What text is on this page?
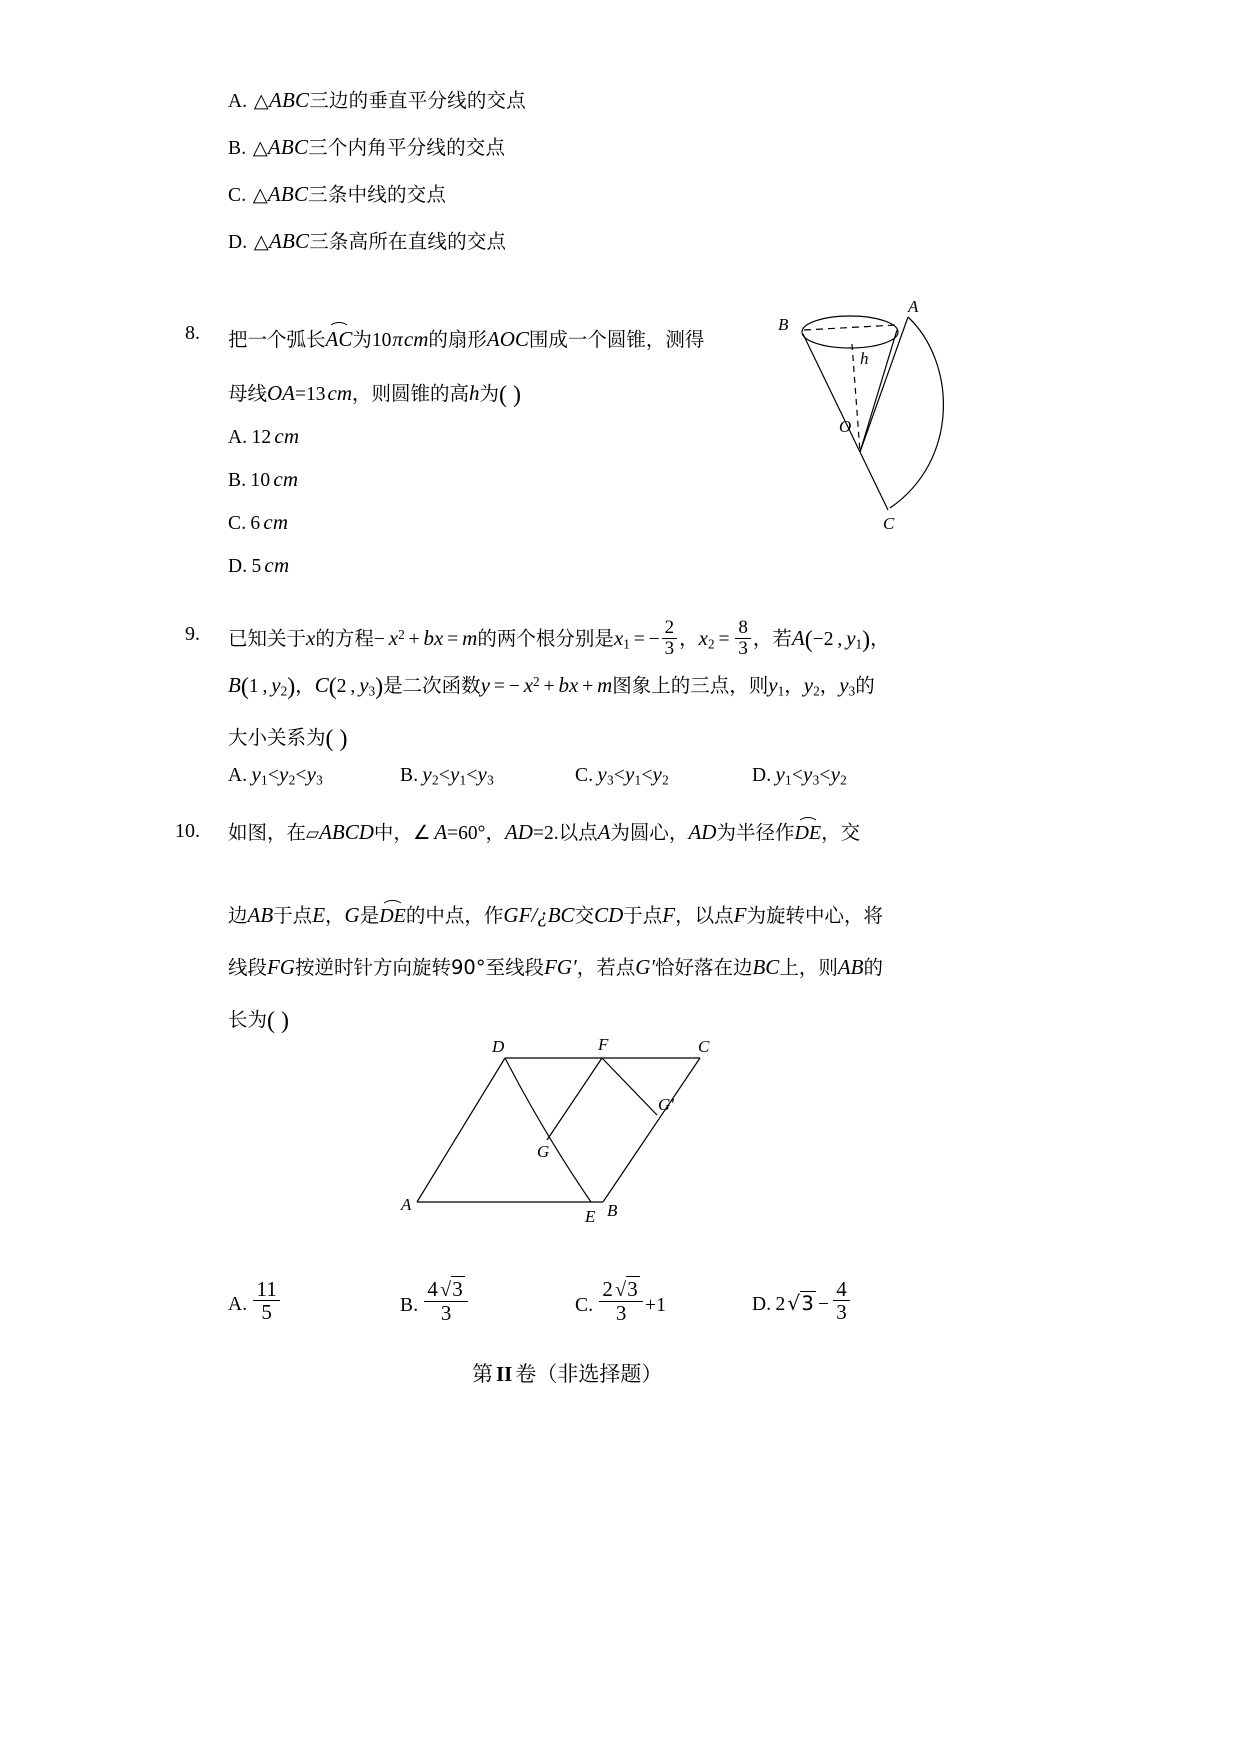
A. △ABC三边的垂直平分线的交点
B. △ABC三个内角平分线的交点
C. △ABC三条中线的交点
D. △ABC三条高所在直线的交点
8. 把一个弧长
AC为10πcm的扇形AOC围成一个圆锥，测得
母线OA=13cm，则圆锥的高h为( )
A.  12 cm
B.  10 cm
C.  6 cm
D.  5 cm
B
A
O
C
h
9. 已知关于x的方程− $x^2$ + bx = m的两个根分别是$x_1$ = − $\frac{2}{3}$ ，$x_2 = \frac{8}{3}$ ，若A(−2 , $y_1$)，
B(1 , $y_2$)，C(2 , $y_3$)是二次函数y = − $x^2$ + bx + m图象上的三点，则$y_1$，$y_2$，$y_3$的
大小关系为( )
A.  $y_1<y_2<y_3$	B.  $y_2<y_1<y_3$	C.  $y_3<y_1<y_2$	D.  $y_1<y_3<y_2$
10. 如图，在▱ABCD中，∠  A=60°，AD=2.以点A为圆心，AD为半径作
DE，交
边AB于点E，G是
DE的中点，作GF/¿BC交CD于点F，以点F为旋转中心，将
线段FG按逆时针方向旋转90°至线段FG′，若点G′恰好落在边BC上，则AB的
长为( )
D	F	C
G′
G
A
E B
A.  $\frac{11}{5}$	B.  $\frac{4 √3}{3}$	C.  $\frac{2 √3}{3} +1$	D.  2 $√3 - \frac{4}{3}$
第 II 卷（非选择题）
